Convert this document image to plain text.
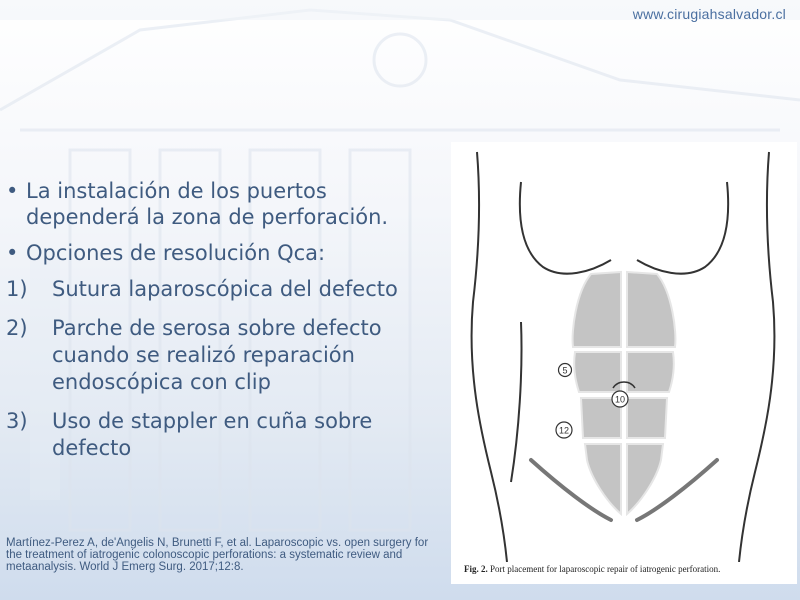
www.cirugiahsalvador.cl
• La instalación de los puertos dependerá la zona de perforación.
• Opciones de resolución Qca:
1)	Sutura laparoscópica del defecto
2)	Parche de serosa sobre defecto cuando se realizó reparación endoscópica con clip
3)	Uso de stappler en cuña sobre defecto
Martínez-Perez A, de'Angelis N, Brunetti F, et al. Laparoscopic vs. open surgery for the treatment of iatrogenic colonoscopic perforations: a systematic review and metaanalysis. World J Emerg Surg. 2017;12:8.
5
10
12
Fig. 2. Port placement for laparoscopic repair of iatrogenic perforation.
